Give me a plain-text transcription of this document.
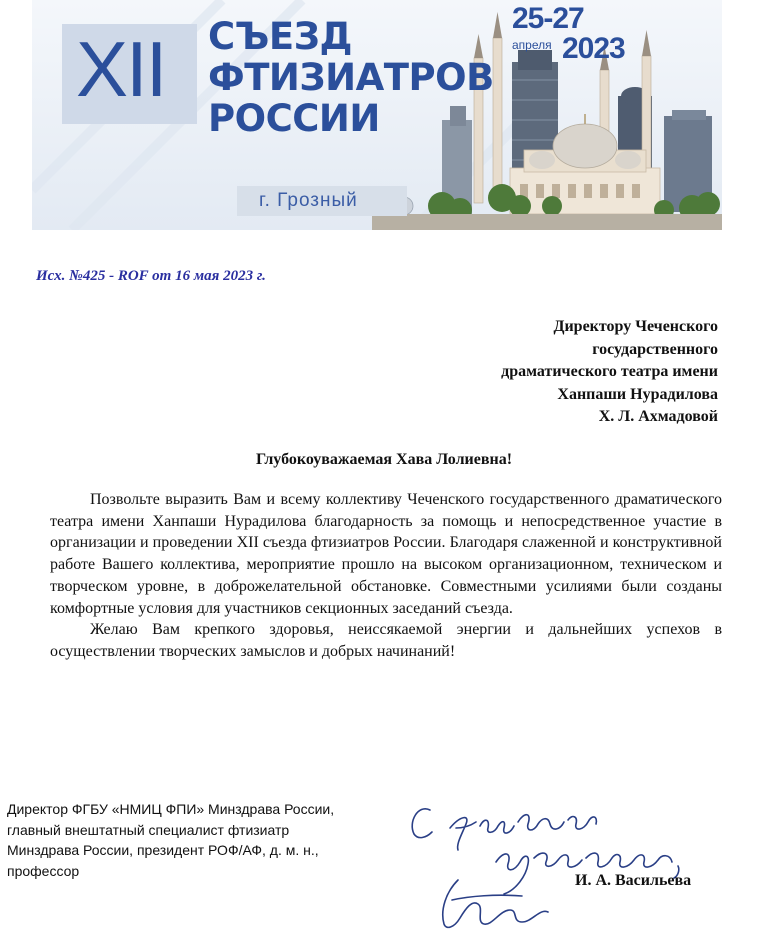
XII СЪЕЗД
ФТИЗИАТРОВ
РОССИИ
25-27
апреля 2023
г. Грозный
Исх. №425 - ROF от 16 мая 2023 г.
Директору Чеченского
государственного
драматического театра имени
Ханпаши Нурадилова
Х. Л. Ахмадовой
Глубокоуважаемая Хава Лолиевна!

Позвольте выразить Вам и всему коллективу Чеченского государственного драматического театра имени Ханпаши Нурадилова благодарность за помощь и непосредственное участие в организации и проведении XII съезда фтизиатров России. Благодаря слаженной и конструктивной работе Вашего коллектива, мероприятие прошло на высоком организационном, техническом и творческом уровне, в доброжелательной обстановке. Совместными усилиями были созданы комфортные условия для участников секционных заседаний съезда.

Желаю Вам крепкого здоровья, неиссякаемой энергии и дальнейших успехов в осуществлении творческих замыслов и добрых начинаний!

Директор ФГБУ «НМИЦ ФПИ» Минздрава России,
главный внештатный специалист фтизиатр
Минздрава России, президент РОФ/АФ, д. м. н.,
профессор
И. А. Васильева
